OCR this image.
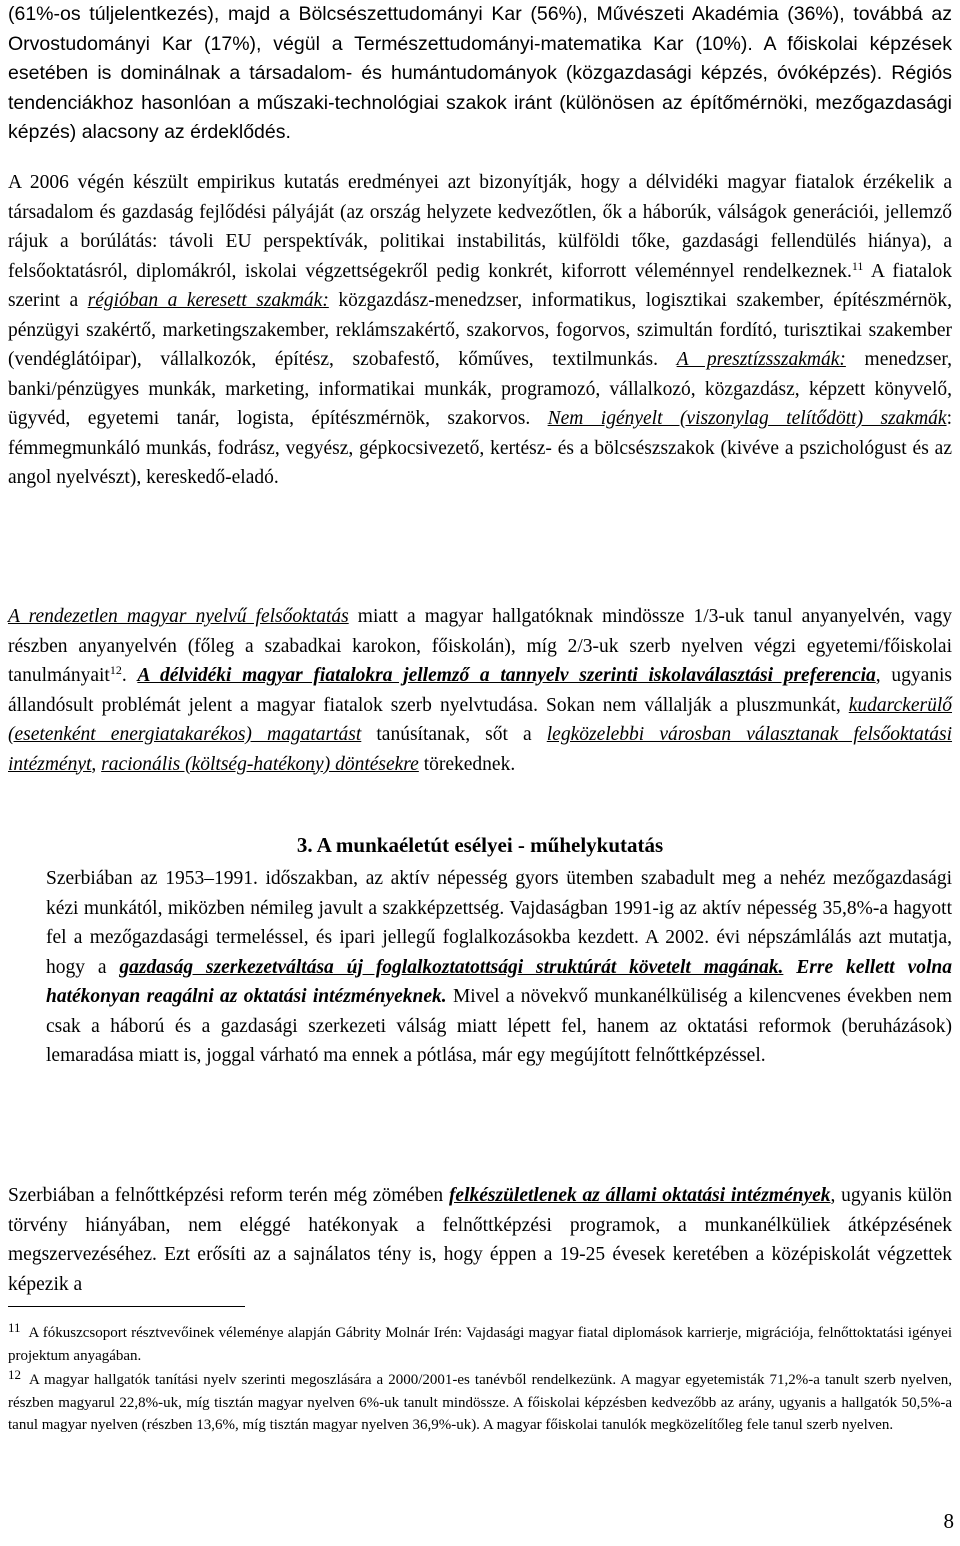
(61%-os túljelentkezés), majd a Bölcsészettudományi Kar (56%), Művészeti Akadémia (36%), továbbá az Orvostudományi Kar (17%), végül a Természettudományi-matematika Kar (10%). A főiskolai képzések esetében is dominálnak a társadalom- és humántudományok (közgazdasági képzés, óvóképzés). Régiós tendenciákhoz hasonlóan a műszaki-technológiai szakok iránt (különösen az építőmérnöki, mezőgazdasági képzés) alacsony az érdeklődés.
A 2006 végén készült empirikus kutatás eredményei azt bizonyítják, hogy a délvidéki magyar fiatalok érzékelik a társadalom és gazdaság fejlődési pályáját (az ország helyzete kedvezőtlen, ők a háborúk, válságok generációi, jellemző rájuk a borúlátás: távoli EU perspektívák, politikai instabilitás, külföldi tőke, gazdasági fellendülés hiánya), a felsőoktatásról, diplomákról, iskolai végzettségekről pedig konkrét, kiforrott véleménnyel rendelkeznek.$^{11}$ A fiatalok szerint a régióban a keresett szakmák: közgazdász-menedzser, informatikus, logisztikai szakember, építészmérnök, pénzügyi szakértő, marketingszakember, reklámszakértő, szakorvos, fogorvos, szimultán fordító, turisztikai szakember (vendéglátóipar), vállalkozók, építész, szobafestő, kőműves, textilmunkás. A presztízsszakmák: menedzser, banki/pénzügyes munkák, marketing, informatikai munkák, programozó, vállalkozó, közgazdász, képzett könyvelő, ügyvéd, egyetemi tanár, logista, építészmérnök, szakorvos. Nem igényelt (viszonylag telítődött) szakmák: fémmegmunkáló munkás, fodrász, vegyész, gépkocsivezető, kertész- és a bölcsészszakok (kivéve a pszichológust és az angol nyelvészt), kereskedő-eladó.
A rendezetlen magyar nyelvű felsőoktatás miatt a magyar hallgatóknak mindössze 1/3-uk tanul anyanyelvén, vagy részben anyanyelvén (főleg a szabadkai karokon, főiskolán), míg 2/3-uk szerb nyelven végzi egyetemi/főiskolai tanulmányait$^{12}$. A délvidéki magyar fiatalokra jellemző a tannyelv szerinti iskolaválasztási preferencia, ugyanis állandósult problémát jelent a magyar fiatalok szerb nyelvtudása. Sokan nem vállalják a pluszmunkát, kudarckerülő (esetenként energiatakarékos) magatartást tanúsítanak, sőt a legközelebbi városban választanak felsőoktatási intézményt, racionális (költség-hatékony) döntésekre törekednek.
3. A munkaéletút esélyei - műhelykutatás
Szerbiában az 1953–1991. időszakban, az aktív népesség gyors ütemben szabadult meg a nehéz mezőgazdasági kézi munkától, miközben némileg javult a szakképzettség. Vajdaságban 1991-ig az aktív népesség 35,8%-a hagyott fel a mezőgazdasági termeléssel, és ipari jellegű foglalkozásokba kezdett. A 2002. évi népszámlálás azt mutatja, hogy a gazdaság szerkezetváltása új foglalkoztatottsági struktúrát követelt magának. Erre kellett volna hatékonyan reagálni az oktatási intézményeknek. Mivel a növekvő munkanélküliség a kilencvenes években nem csak a háború és a gazdasági szerkezeti válság miatt lépett fel, hanem az oktatási reformok (beruházások) lemaradása miatt is, joggal várható ma ennek a pótlása, már egy megújított felnőttképzéssel.
Szerbiában a felnőttképzési reform terén még zömében felkészületlenek az állami oktatási intézmények, ugyanis külön törvény hiányában, nem eléggé hatékonyak a felnőttképzési programok, a munkanélküliek átképzésének megszervezéséhez. Ezt erősíti az a sajnálatos tény is, hogy éppen a 19-25 évesek keretében a középiskolát végzettek képezik a
11 A fókuszcsoport résztvevőinek véleménye alapján Gábrity Molnár Irén: Vajdasági magyar fiatal diplomások karrierje, migrációja, felnőttoktatási igényei projektum anyagában.
12 A magyar hallgatók tanítási nyelv szerinti megoszlására a 2000/2001-es tanévből rendelkezünk. A magyar egyetemisták 71,2%-a tanult szerb nyelven, részben magyarul 22,8%-uk, míg tisztán magyar nyelven 6%-uk tanult mindössze. A főiskolai képzésben kedvezőbb az arány, ugyanis a hallgatók 50,5%-a tanul magyar nyelven (részben 13,6%, míg tisztán magyar nyelven 36,9%-uk). A magyar főiskolai tanulók megközelítőleg fele tanul szerb nyelven.
8
